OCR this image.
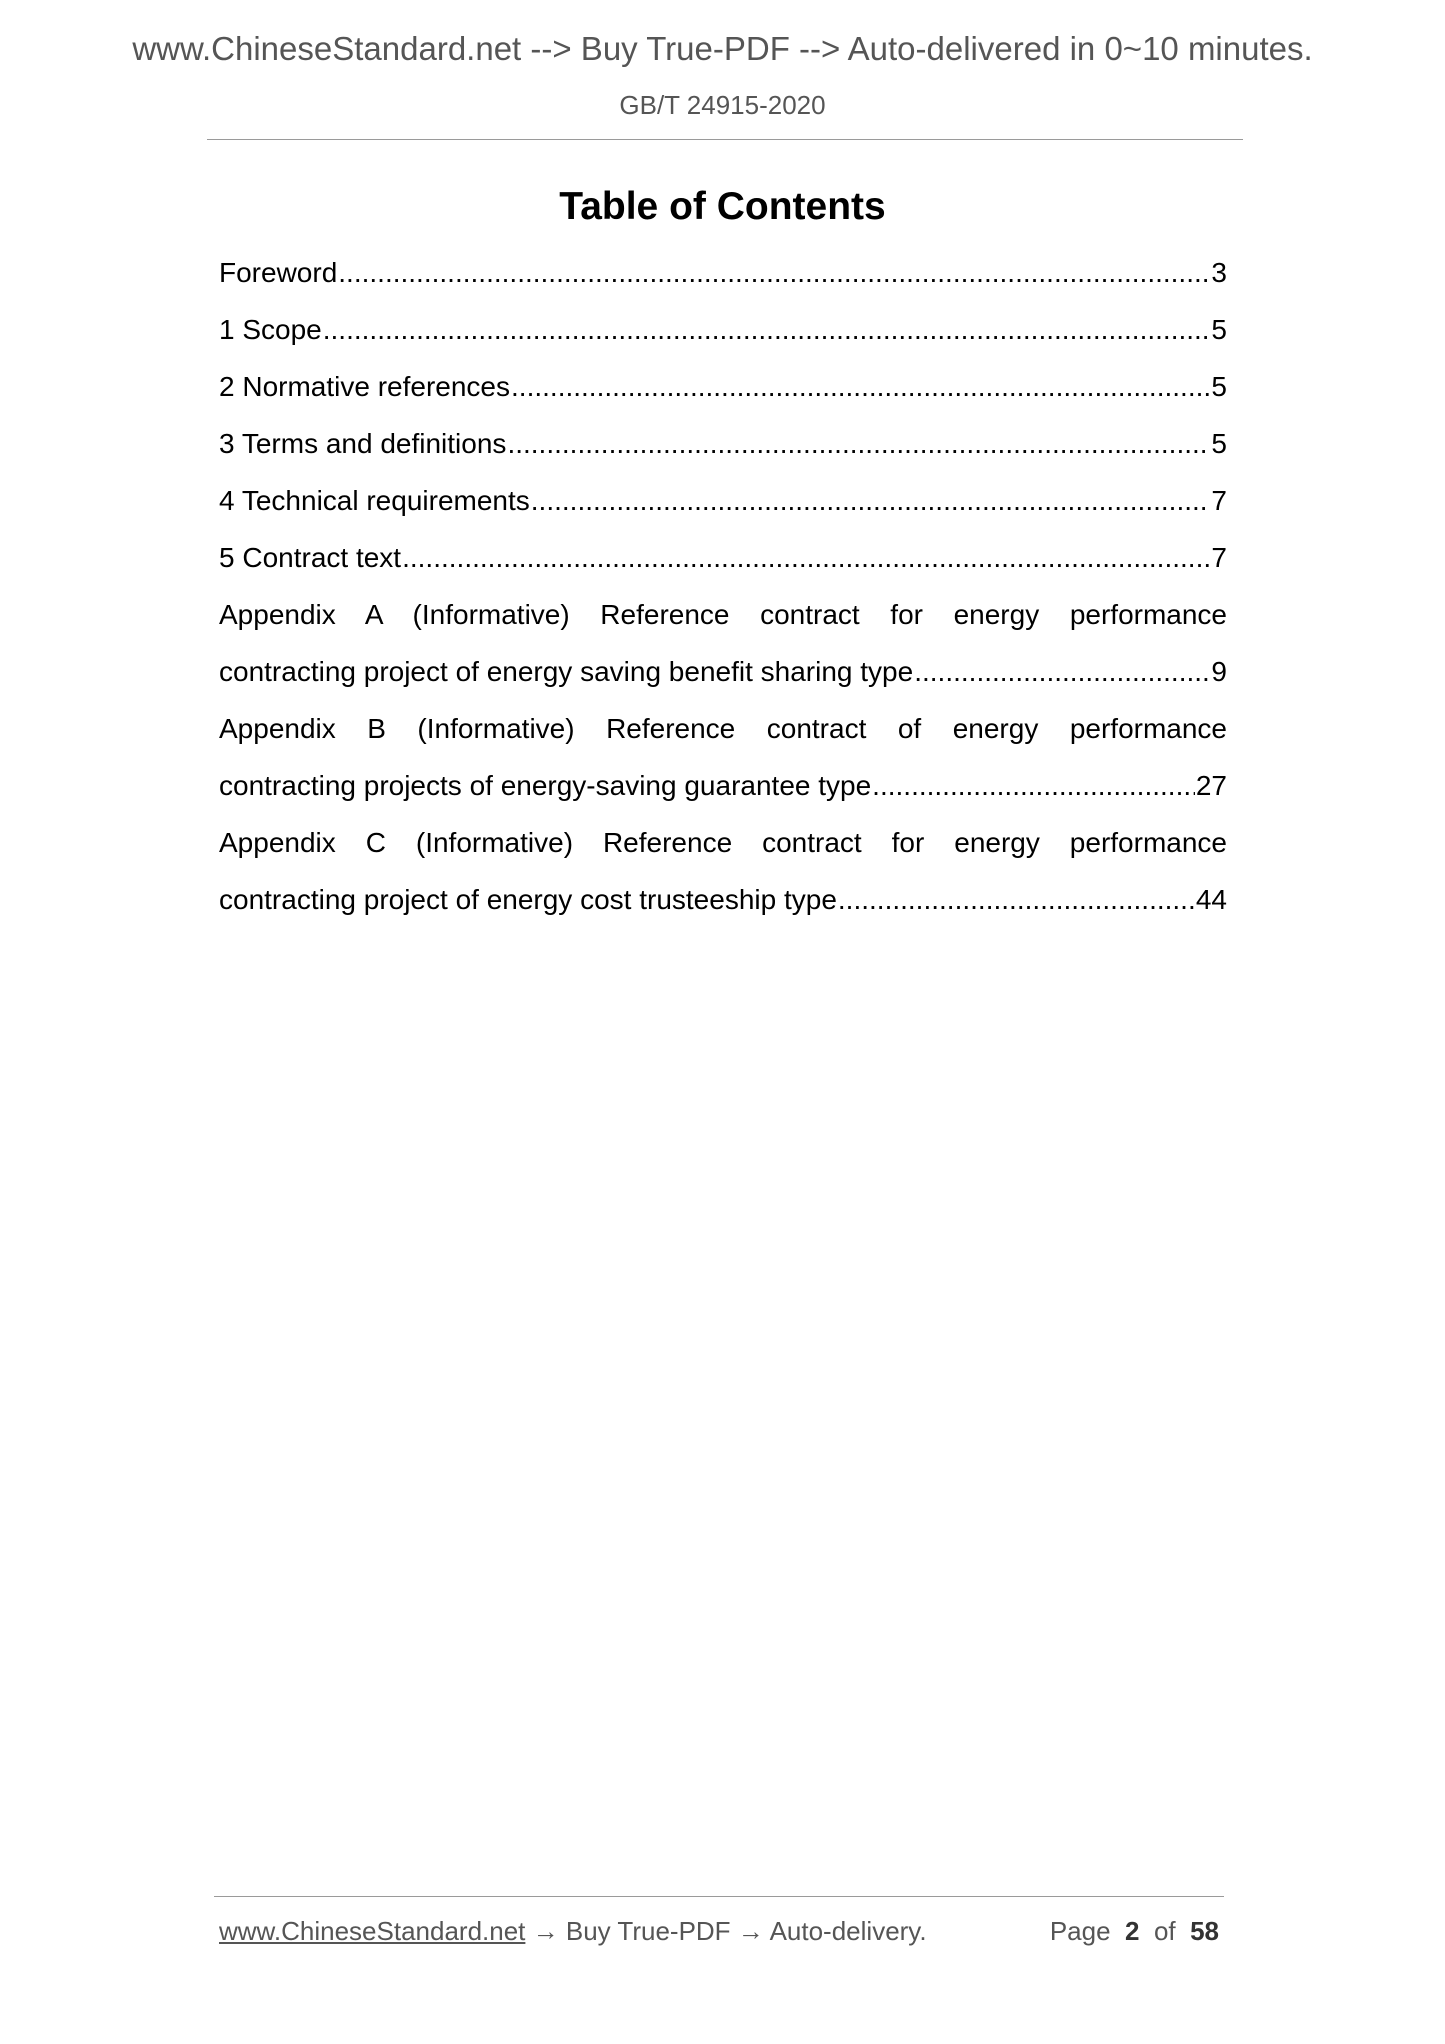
www.ChineseStandard.net --> Buy True-PDF --> Auto-delivered in 0~10 minutes.
GB/T 24915-2020
Table of Contents
Foreword .....	3
1 Scope .....	5
2 Normative references .....	5
3 Terms and definitions .....	5
4 Technical requirements .....	7
5 Contract text .....	7
Appendix A (Informative) Reference contract for energy performance
contracting project of energy saving benefit sharing type .....	9
Appendix B (Informative) Reference contract of energy performance
contracting projects of energy-saving guarantee type .....	27
Appendix C (Informative) Reference contract for energy performance
contracting project of energy cost trusteeship type .....	44
www.ChineseStandard.net → Buy True-PDF → Auto-delivery.	Page 2 of 58
